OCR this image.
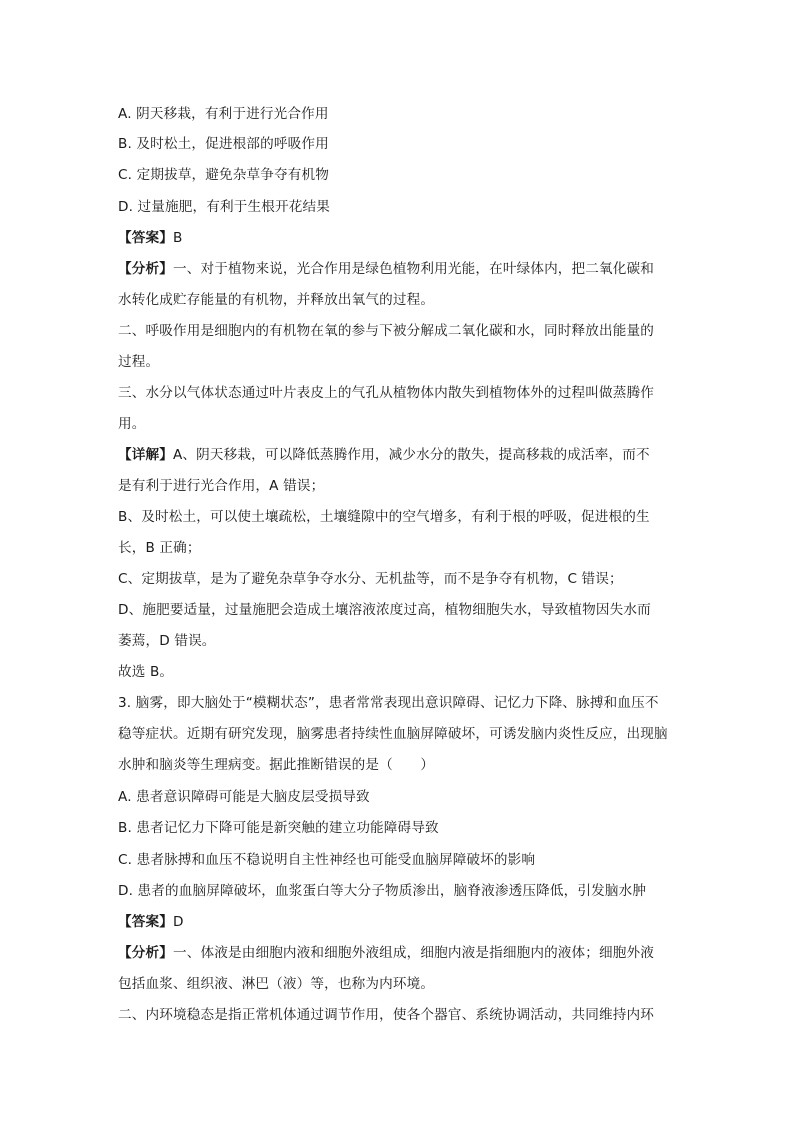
A. 阴天移栽，有利于进行光合作用
B. 及时松土，促进根部的呼吸作用
C. 定期拔草，避免杂草争夺有机物
D. 过量施肥，有利于生根开花结果
【答案】B
【分析】一、对于植物来说，光合作用是绿色植物利用光能，在叶绿体内，把二氧化碳和
水转化成贮存能量的有机物，并释放出氧气的过程。
二、呼吸作用是细胞内的有机物在氧的参与下被分解成二氧化碳和水，同时释放出能量的
过程。
三、水分以气体状态通过叶片表皮上的气孔从植物体内散失到植物体外的过程叫做蒸腾作
用。
【详解】A、阴天移栽，可以降低蒸腾作用，减少水分的散失，提高移栽的成活率，而不
是有利于进行光合作用，A 错误；
B、及时松土，可以使土壤疏松，土壤缝隙中的空气增多，有利于根的呼吸，促进根的生
长，B 正确；
C、定期拔草，是为了避免杂草争夺水分、无机盐等，而不是争夺有机物，C 错误；
D、施肥要适量，过量施肥会造成土壤溶液浓度过高，植物细胞失水，导致植物因失水而
萎蔫，D 错误。
故选 B。
3. 脑雾，即大脑处于“模糊状态”，患者常常表现出意识障碍、记忆力下降、脉搏和血压不
稳等症状。近期有研究发现，脑雾患者持续性血脑屏障破坏，可诱发脑内炎性反应，出现脑
水肿和脑炎等生理病变。据此推断错误的是（　　）
A. 患者意识障碍可能是大脑皮层受损导致
B. 患者记忆力下降可能是新突触的建立功能障碍导致
C. 患者脉搏和血压不稳说明自主性神经也可能受血脑屏障破坏的影响
D. 患者的血脑屏障破坏，血浆蛋白等大分子物质渗出，脑脊液渗透压降低，引发脑水肿
【答案】D
【分析】一、体液是由细胞内液和细胞外液组成，细胞内液是指细胞内的液体；细胞外液
包括血浆、组织液、淋巴（液）等，也称为内环境。
二、内环境稳态是指正常机体通过调节作用，使各个器官、系统协调活动，共同维持内环
